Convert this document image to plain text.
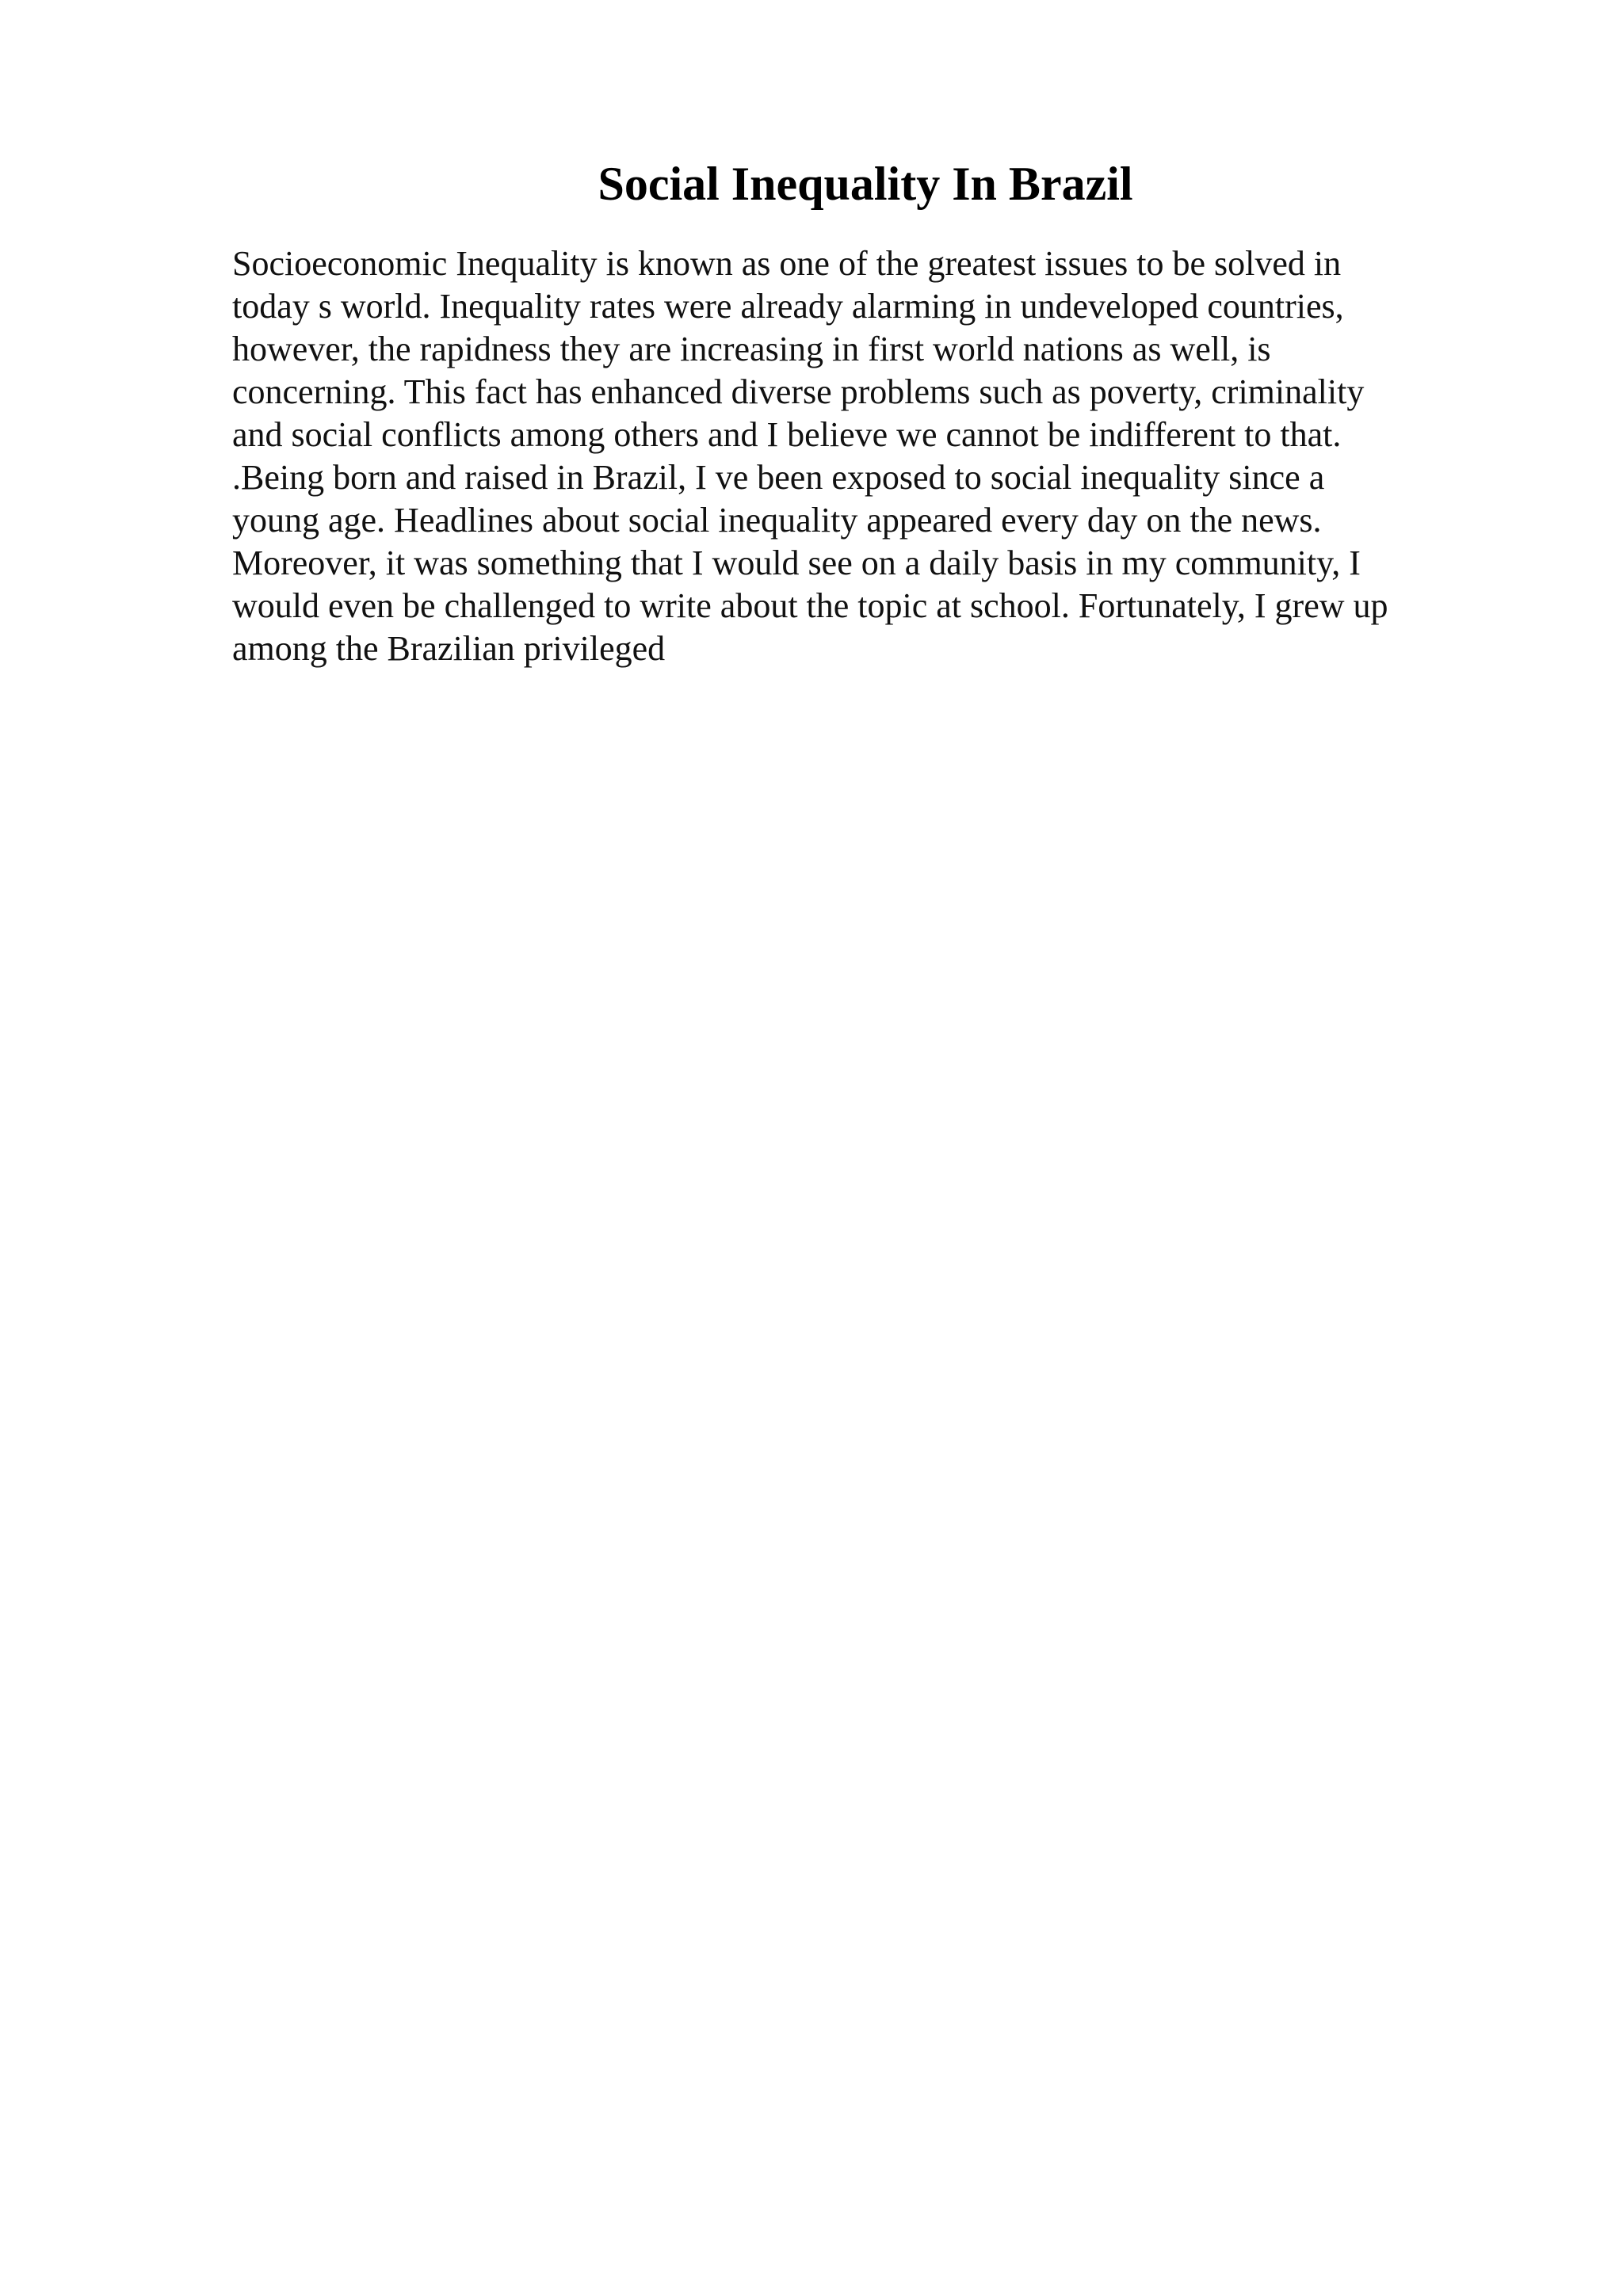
Social Inequality In Brazil
Socioeconomic Inequality is known as one of the greatest issues to be solved in
today s world. Inequality rates were already alarming in undeveloped countries,
however, the rapidness they are increasing in first world nations as well, is
concerning. This fact has enhanced diverse problems such as poverty, criminality
and social conflicts among others and I believe we cannot be indifferent to that.
.Being born and raised in Brazil, I ve been exposed to social inequality since a
young age. Headlines about social inequality appeared every day on the news.
Moreover, it was something that I would see on a daily basis in my community, I
would even be challenged to write about the topic at school. Fortunately, I grew up
among the Brazilian privileged
